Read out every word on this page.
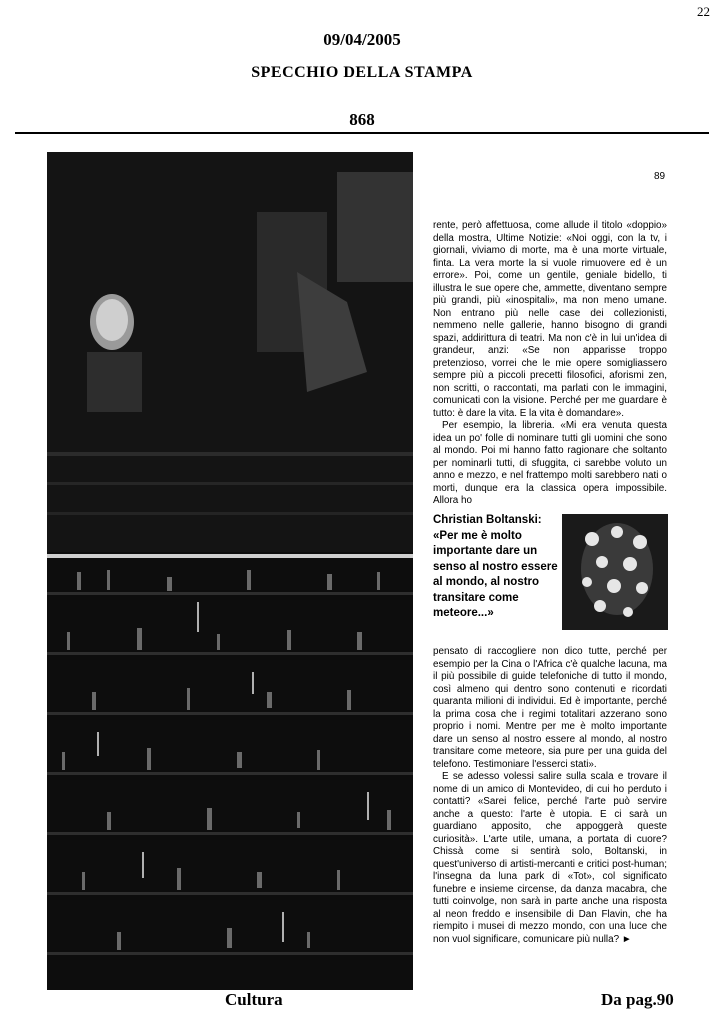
22
09/04/2005
SPECCHIO DELLA STAMPA
868
89

rente, però affettuosa, come allude il titolo «doppio» della mostra, Ultime Notizie: «Noi oggi, con la tv, i giornali, viviamo di morte, ma è una morte virtuale, finta. La vera morte la si vuole rimuovere ed è un errore». Poi, come un gentile, geniale bidello, ti illustra le sue opere che, ammette, diventano sempre più grandi, più «inospitali», ma non meno umane. Non entrano più nelle case dei collezionisti, nemmeno nelle gallerie, hanno bisogno di grandi spazi, addirittura di teatri. Ma non c'è in lui un'idea di grandeur, anzi: «Se non apparisse troppo pretenzioso, vorrei che le mie opere somigliassero sempre più a piccoli precetti filosofici, aforismi zen, non scritti, o raccontati, ma parlati con le immagini, comunicati con la visione. Perché per me guardare è tutto: è dare la vita. E la vita è domandare».

Per esempio, la libreria. «Mi era venuta questa idea un po' folle di nominare tutti gli uomini che sono al mondo. Poi mi hanno fatto ragionare che soltanto per nominarli tutti, di sfuggita, ci sarebbe voluto un anno e mezzo, e nel frattempo molti sarebbero nati o morti, dunque era la classica opera impossibile. Allora ho

Christian Boltanski: «Per me è molto importante dare un senso al nostro essere al mondo, al nostro transitare come meteore...»

pensato di raccogliere non dico tutte, perché per esempio per la Cina o l'Africa c'è qualche lacuna, ma il più possibile di guide telefoniche di tutto il mondo, così almeno qui dentro sono contenuti e ricordati quaranta milioni di individui. Ed è importante, perché la prima cosa che i regimi totalitari azzerano sono proprio i nomi. Mentre per me è molto importante dare un senso al nostro essere al mondo, al nostro transitare come meteore, sia pure per una guida del telefono. Testimoniare l'esserci stati».

E se adesso volessi salire sulla scala e trovare il nome di un amico di Montevideo, di cui ho perduto i contatti? «Sarei felice, perché l'arte può servire anche a questo: l'arte è utopia. E ci sarà un guardiano apposito, che appoggerà queste curiosità». L'arte utile, umana, a portata di cuore? Chissà come si sentirà solo, Boltanski, in quest'universo di artisti-mercanti e critici post-human; l'insegna da luna park di «Tot», col significato funebre e insieme circense, da danza macabra, che tutti coinvolge, non sarà in parte anche una risposta al neon freddo e insensibile di Dan Flavin, che ha riempito i musei di mezzo mondo, con una luce che non vuol significare, comunicare più nulla? ►

Cultura	Da pag.90
